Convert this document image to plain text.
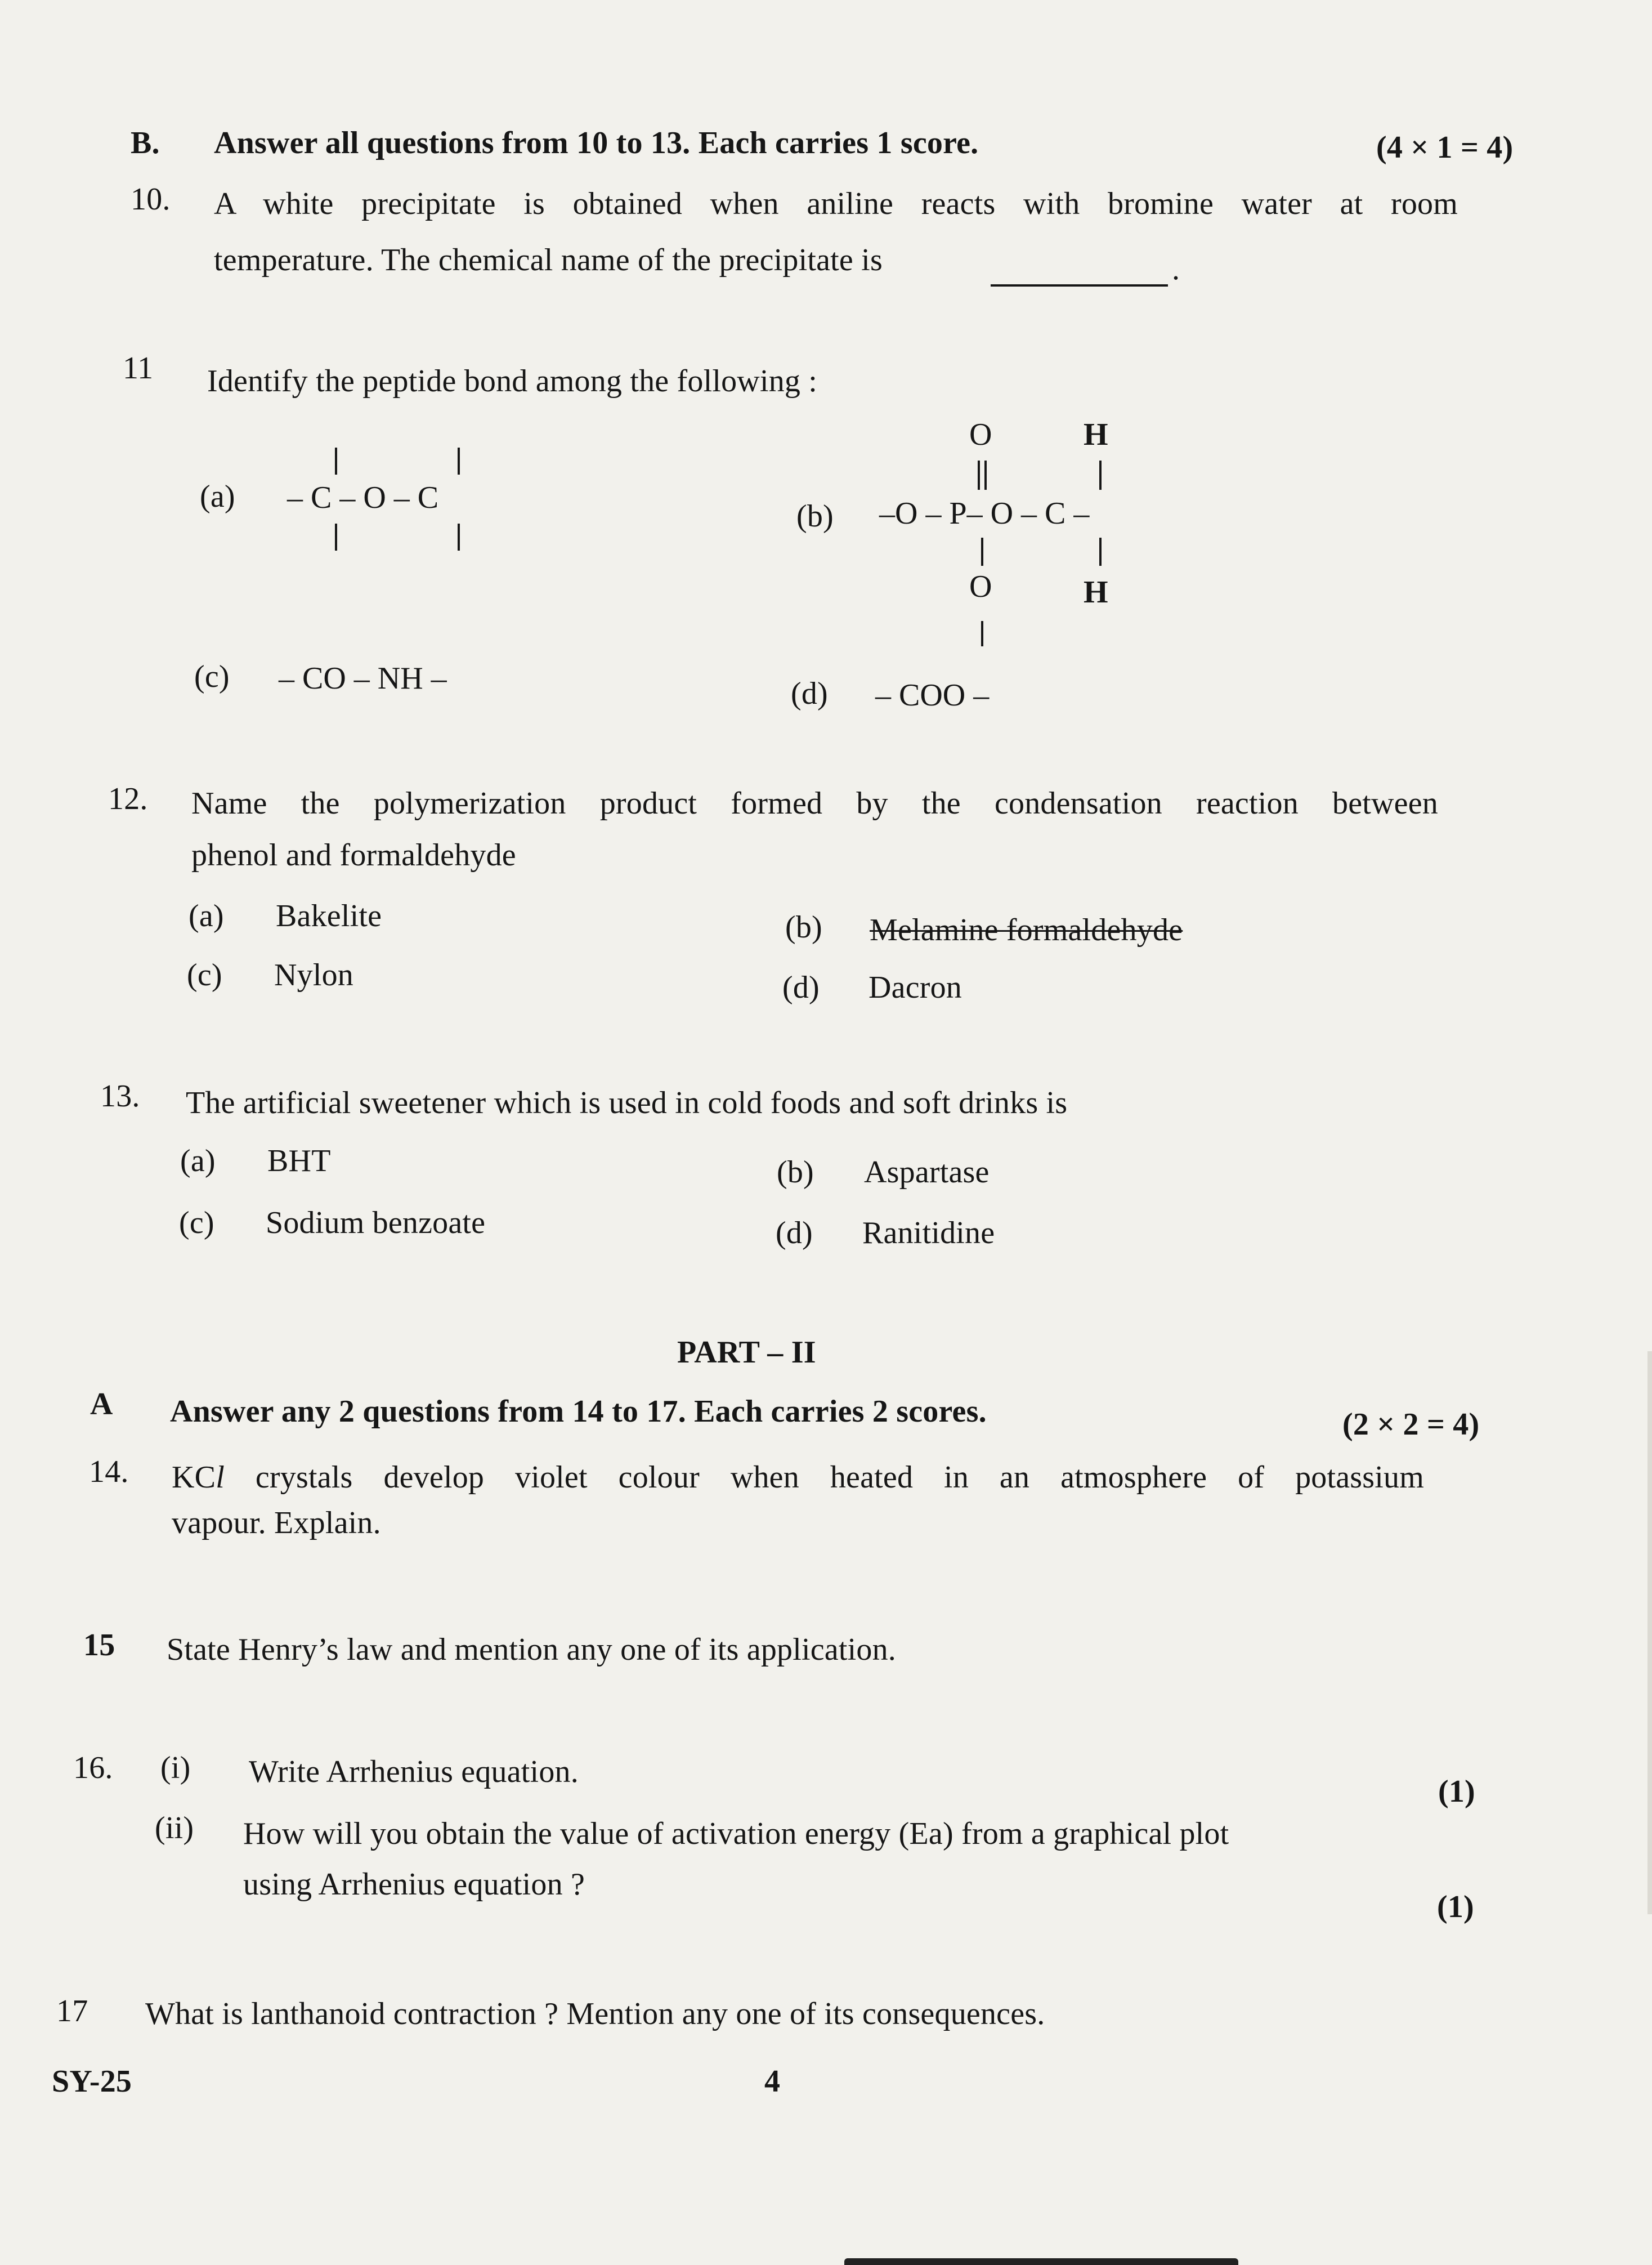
B. Answer all questions from 10 to 13. Each carries 1 score.	(4 × 1 = 4)
10. A white precipitate is obtained when aniline reacts with bromine water at room
temperature. The chemical name of the precipitate is	.
11 Identify the peptide bond among the following :
(a) – C – O – C
(b) –O – P– O – C –
O	H
O	H
(c) – CO – NH –	(d) – COO –
12. Name the polymerization product formed by the condensation reaction between
phenol and formaldehyde
(a) Bakelite	(b) Melamine formaldehyde
(c) Nylon	(d) Dacron
13. The artificial sweetener which is used in cold foods and soft drinks is
(a) BHT	(b) Aspartase
(c) Sodium benzoate	(d) Ranitidine
PART – II
A Answer any 2 questions from 14 to 17. Each carries 2 scores.	(2 × 2 = 4)
14. KCl crystals develop violet colour when heated in an atmosphere of potassium
vapour. Explain.
15 State Henry’s law and mention any one of its application.
16. (i) Write Arrhenius equation.
(1)
(ii) How will you obtain the value of activation energy (Ea) from a graphical plot
using Arrhenius equation ?
(1)
17 What is lanthanoid contraction ? Mention any one of its consequences.
SY-25	4
